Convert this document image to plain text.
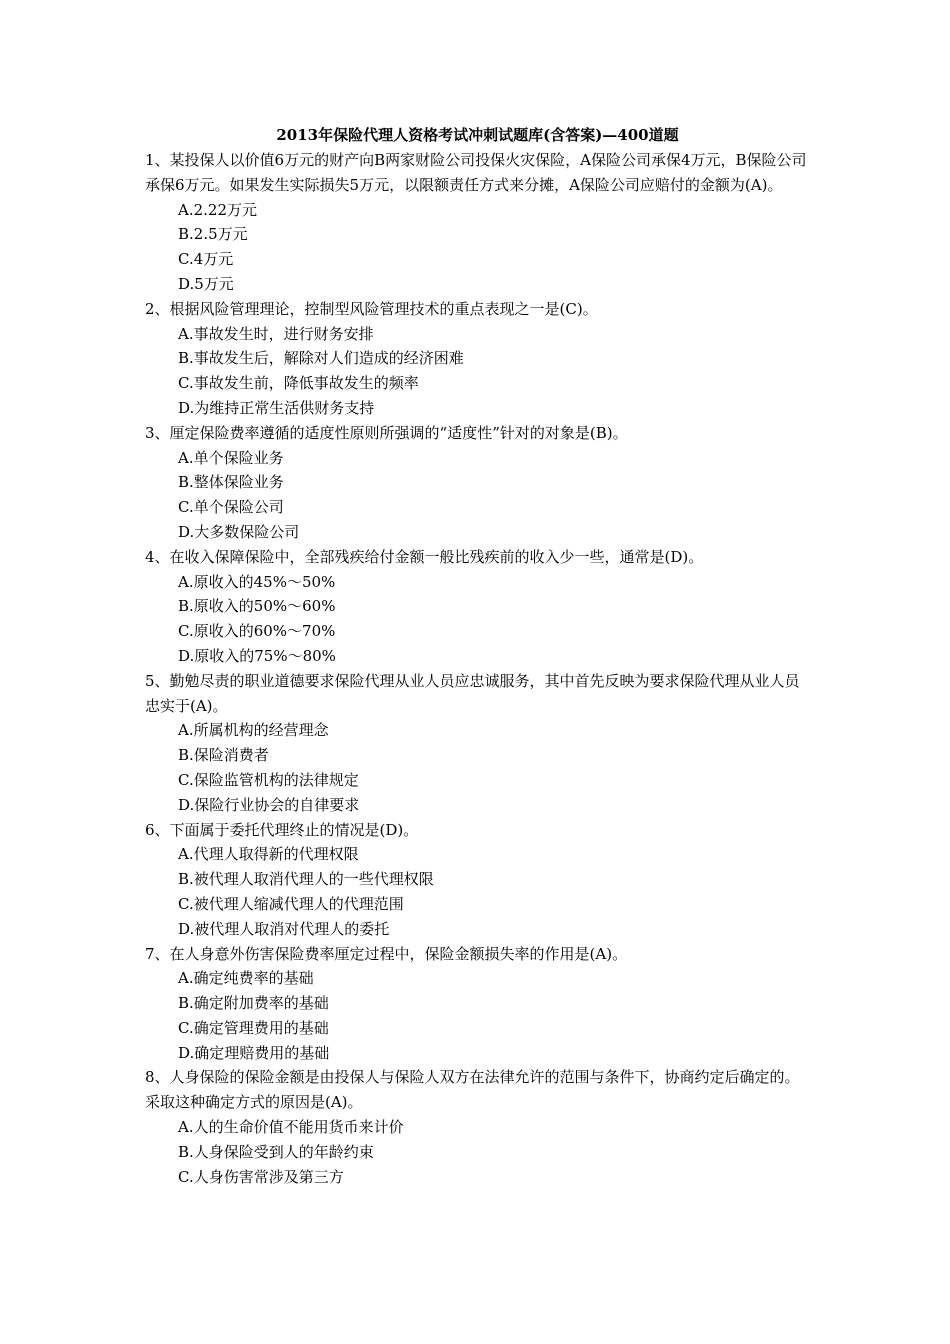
2013年保险代理人资格考试冲刺试题库(含答案)—400道题
1、某投保人以价值6万元的财产向B两家财险公司投保火灾保险，A保险公司承保4万元，B保险公司承保6万元。如果发生实际损失5万元，以限额责任方式来分摊，A保险公司应赔付的金额为(A)。
A.2.22万元
B.2.5万元
C.4万元
D.5万元
2、根据风险管理理论，控制型风险管理技术的重点表现之一是(C)。
A.事故发生时，进行财务安排
B.事故发生后，解除对人们造成的经济困难
C.事故发生前，降低事故发生的频率
D.为维持正常生活供财务支持
3、厘定保险费率遵循的适度性原则所强调的“适度性”针对的对象是(B)。
A.单个保险业务
B.整体保险业务
C.单个保险公司
D.大多数保险公司
4、在收入保障保险中，全部残疾给付金额一般比残疾前的收入少一些，通常是(D)。
A.原收入的45%～50%
B.原收入的50%～60%
C.原收入的60%～70%
D.原收入的75%～80%
5、勤勉尽责的职业道德要求保险代理从业人员应忠诚服务，其中首先反映为要求保险代理从业人员忠实于(A)。
A.所属机构的经营理念
B.保险消费者
C.保险监管机构的法律规定
D.保险行业协会的自律要求
6、下面属于委托代理终止的情况是(D)。
A.代理人取得新的代理权限
B.被代理人取消代理人的一些代理权限
C.被代理人缩减代理人的代理范围
D.被代理人取消对代理人的委托
7、在人身意外伤害保险费率厘定过程中，保险金额损失率的作用是(A)。
A.确定纯费率的基础
B.确定附加费率的基础
C.确定管理费用的基础
D.确定理赔费用的基础
8、人身保险的保险金额是由投保人与保险人双方在法律允许的范围与条件下，协商约定后确定的。采取这种确定方式的原因是(A)。
A.人的生命价值不能用货币来计价
B.人身保险受到人的年龄约束
C.人身伤害常涉及第三方
